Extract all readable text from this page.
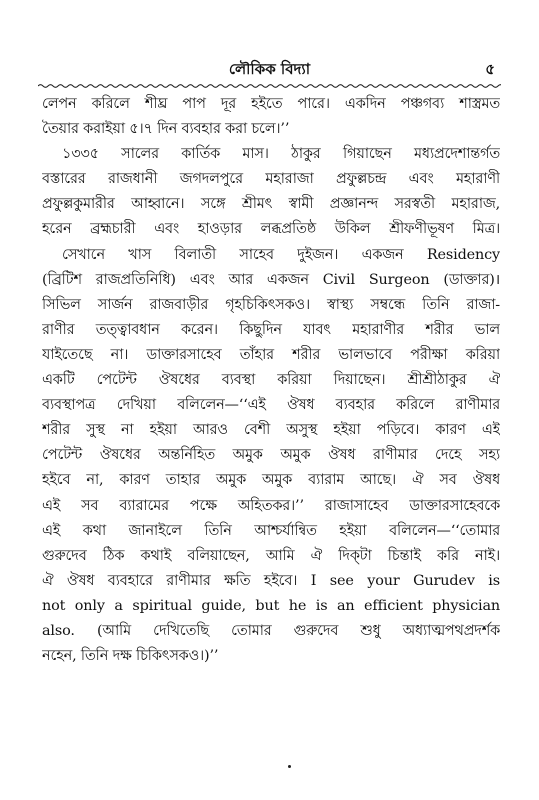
লৌকিক বিদ্যা	৫
লেপন করিলে শীঘ্র পাপ দূর হইতে পারে। একদিন পঞ্চগব্য শাস্ত্রমত
তৈয়ার করাইয়া ৫।৭ দিন ব্যবহার করা চলে।’’
১৩৩৫ সালের কার্তিক মাস। ঠাকুর গিয়াছেন মধ্যপ্রদেশান্তর্গত
বস্তারের রাজধানী জগদলপুরে মহারাজা প্রফুল্লচন্দ্র এবং মহারাণী
প্রফুল্লকুমারীর আহ্বানে। সঙ্গে শ্রীমৎ স্বামী প্রজ্ঞানন্দ সরস্বতী মহারাজ,
হরেন ব্রহ্মচারী এবং হাওড়ার লব্ধপ্রতিষ্ঠ উকিল শ্রীফণীভূষণ মিত্র।
সেখানে খাস বিলাতী সাহেব দুইজন। একজন Residency
(ব্রিটিশ রাজপ্রতিনিধি) এবং আর একজন Civil Surgeon (ডাক্তার)।
সিভিল সার্জন রাজবাড়ীর গৃহচিকিৎসকও। স্বাস্থ্য সম্বন্ধে তিনি রাজা-
রাণীর তত্ত্বাবধান করেন। কিছুদিন যাবৎ মহারাণীর শরীর ভাল
যাইতেছে না। ডাক্তারসাহেব তাঁহার শরীর ভালভাবে পরীক্ষা করিয়া
একটি পেটেন্ট ঔষধের ব্যবস্থা করিয়া দিয়াছেন। শ্রীশ্রীঠাকুর ঐ
ব্যবস্থাপত্র দেখিয়া বলিলেন—‘‘এই ঔষধ ব্যবহার করিলে রাণীমার
শরীর সুস্থ না হইয়া আরও বেশী অসুস্থ হইয়া পড়িবে। কারণ এই
পেটেন্ট ঔষধের অন্তর্নিহিত অমুক অমুক ঔষধ রাণীমার দেহে সহ্য
হইবে না, কারণ তাহার অমুক অমুক ব্যারাম আছে। ঐ সব ঔষধ
এই সব ব্যারামের পক্ষে অহিতকর।’’ রাজাসাহেব ডাক্তারসাহেবকে
এই কথা জানাইলে তিনি আশ্চর্যান্বিত হইয়া বলিলেন—‘‘তোমার
গুরুদেব ঠিক কথাই বলিয়াছেন, আমি ঐ দিক্‌টা চিন্তাই করি নাই।
ঐ ঔষধ ব্যবহারে রাণীমার ক্ষতি হইবে। I see your Gurudev is
not only a spiritual guide, but he is an efficient physician
also. (আমি দেখিতেছি তোমার গুরুদেব শুধু অধ্যাত্মপথপ্রদর্শক
নহেন, তিনি দক্ষ চিকিৎসকও।)’’
